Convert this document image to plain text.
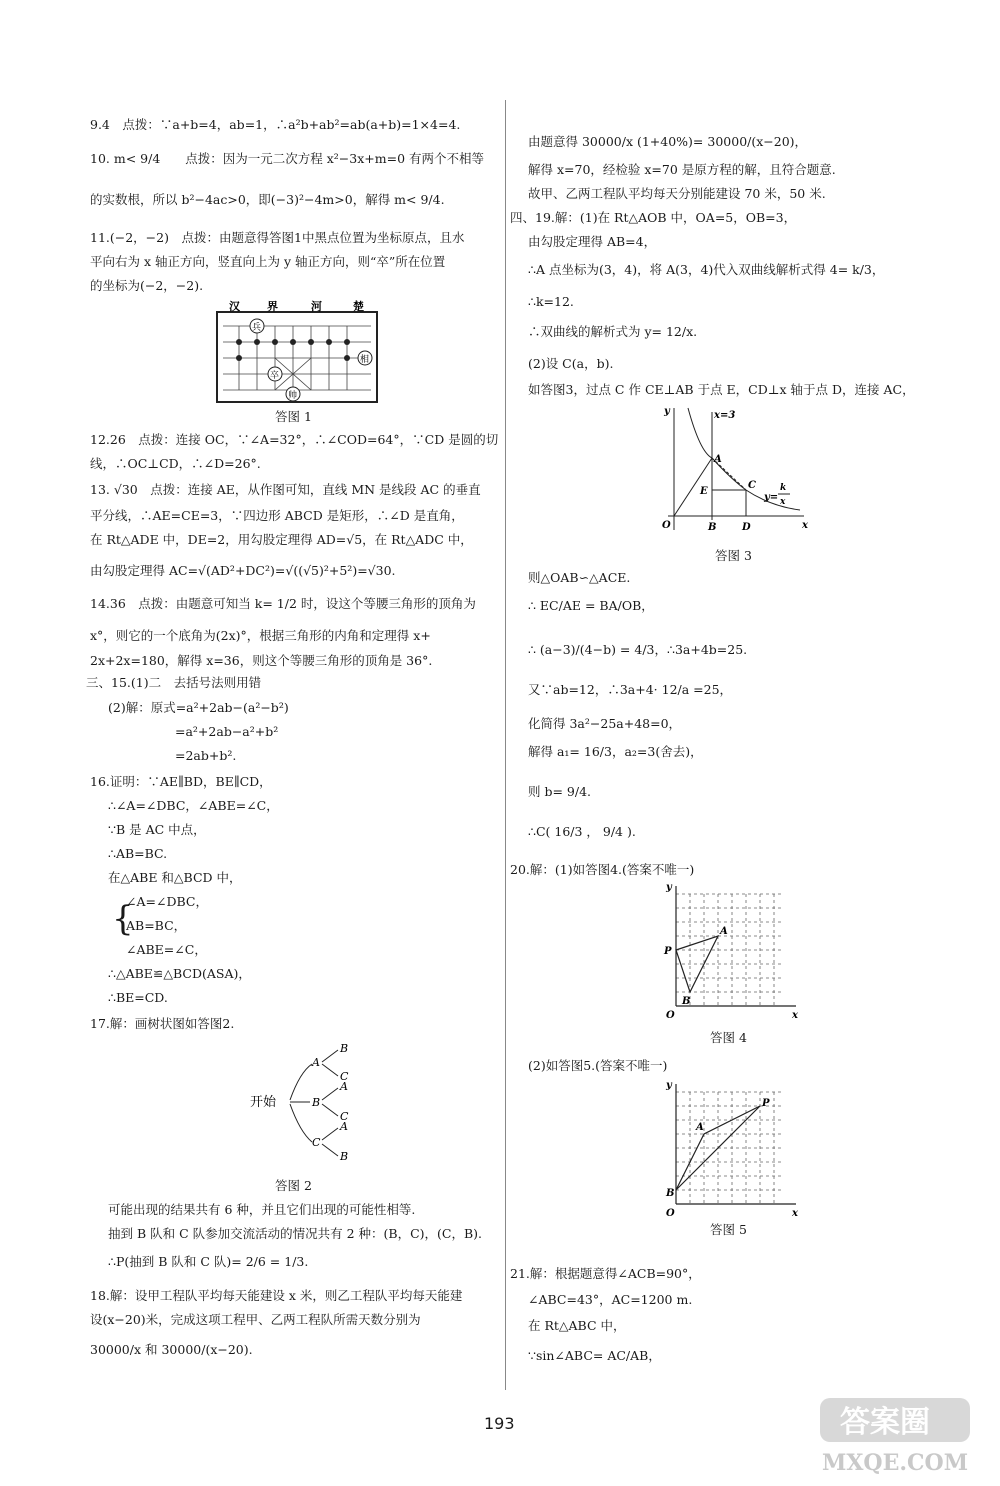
9.4　点拨：∵a+b=4，ab=1，∴a²b+ab²=ab(a+b)=1×4=4.
10. m< 9/4　　点拨：因为一元二次方程 x²−3x+m=0 有两个不相等
的实数根，所以 b²−4ac>0，即(−3)²−4m>0，解得 m< 9/4.
11.(−2，−2)　点拨：由题意得答图1中黑点位置为坐标原点，且水
平向右为 x 轴正方向，竖直向上为 y 轴正方向，则“卒”所在位置
的坐标为(−2，−2).
汉 界	河	楚
兵
相
卒
帅
答图 1
12.26　点拨：连接 OC，∵∠A=32°，∴∠COD=64°，∵CD 是圆的切
线，∴OC⊥CD，∴∠D=26°.
13. √30　点拨：连接 AE，从作图可知，直线 MN 是线段 AC 的垂直
平分线，∴AE=CE=3，∵四边形 ABCD 是矩形，∴∠D 是直角，
在 Rt△ADE 中，DE=2，用勾股定理得 AD=√5，在 Rt△ADC 中，
由勾股定理得 AC=√(AD²+DC²)=√((√5)²+5²)=√30.
14.36　点拨：由题意可知当 k= 1/2 时，设这个等腰三角形的顶角为
x°，则它的一个底角为(2x)°，根据三角形的内角和定理得 x+
2x+2x=180，解得 x=36，则这个等腰三角形的顶角是 36°.
三、15.(1)二　去括号法则用错
(2)解：原式=a²+2ab−(a²−b²)
=a²+2ab−a²+b²
=2ab+b².
16.证明：∵AE∥BD，BE∥CD，
∴∠A=∠DBC，∠ABE=∠C，
∵B 是 AC 中点，
∴AB=BC.
在△ABE 和△BCD 中，
{
∠A=∠DBC，
AB=BC，
∠ABE=∠C，
∴△ABE≌△BCD(ASA)，
∴BE=CD.
17.解：画树状图如答图2.
开始
A
B
C
B
C
A
C
A
B
答图 2
可能出现的结果共有 6 种，并且它们出现的可能性相等.
抽到 B 队和 C 队参加交流活动的情况共有 2 种：(B，C)，(C，B).
∴P(抽到 B 队和 C 队)= 2/6 = 1/3.
18.解：设甲工程队平均每天能建设 x 米，则乙工程队平均每天能建
设(x−20)米，完成这项工程甲、乙两工程队所需天数分别为
30000/x 和 30000/(x−20).
由题意得 30000/x (1+40%)= 30000/(x−20)，
解得 x=70，经检验 x=70 是原方程的解，且符合题意.
故甲、乙两工程队平均每天分别能建设 70 米，50 米.
四、19.解：(1)在 Rt△AOB 中，OA=5，OB=3，
由勾股定理得 AB=4，
∴A 点坐标为(3，4)，将 A(3，4)代入双曲线解析式得 4= k/3，
∴k=12.
∴双曲线的解析式为 y= 12/x.
(2)设 C(a，b).
如答图3，过点 C 作 CE⊥AB 于点 E，CD⊥x 轴于点 D，连接 AC，
y	x=3
A
E
C
y=
k
x
O	B	D	x
答图 3
则△OAB∽△ACE.
∴ EC/AE = BA/OB，
∴ (a−3)/(4−b) = 4/3，∴3a+4b=25.
又∵ab=12，∴3a+4· 12/a =25，
化简得 3a²−25a+48=0，
解得 a₁= 16/3，a₂=3(舍去)，
则 b= 9/4.
∴C( 16/3 ， 9/4 ).
20.解：(1)如答图4.(答案不唯一)
y
A
P
B
O	x
答图 4
(2)如答图5.(答案不唯一)
y
P
A
B
O	x
答图 5
21.解：根据题意得∠ACB=90°，
∠ABC=43°，AC=1200 m.
在 Rt△ABC 中，
∵sin∠ABC= AC/AB，
193	答案圈
MXQE.COM
